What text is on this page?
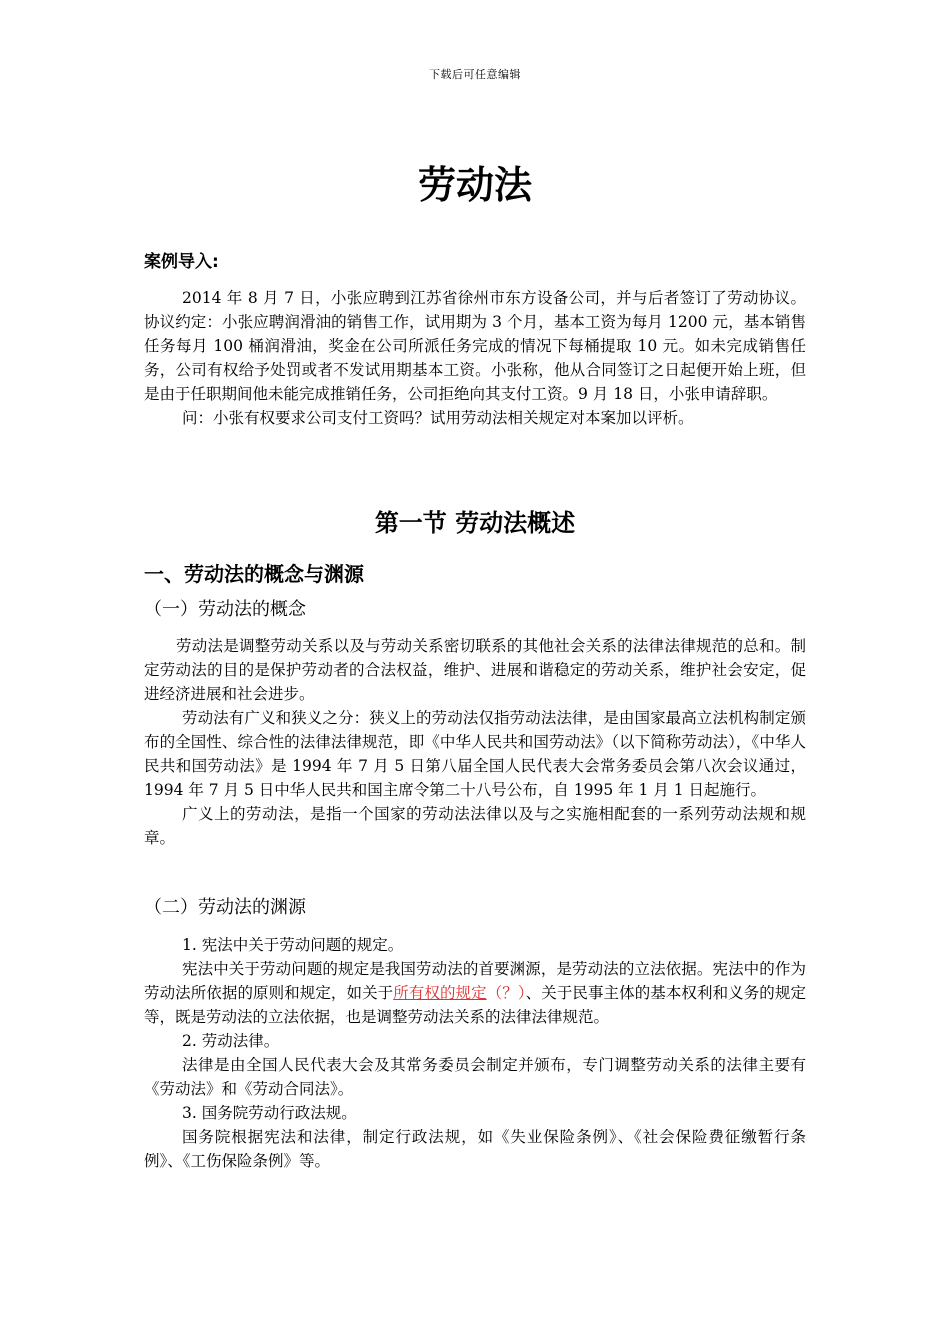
下载后可任意编辑
劳动法
案例导入:

2014 年 8 月 7 日，小张应聘到江苏省徐州市东方设备公司，并与后者签订了劳动协议。协议约定：小张应聘润滑油的销售工作，试用期为 3 个月，基本工资为每月 1200 元，基本销售任务每月 100 桶润滑油，奖金在公司所派任务完成的情况下每桶提取 10 元。如未完成销售任务，公司有权给予处罚或者不发试用期基本工资。小张称，他从合同签订之日起便开始上班，但是由于任职期间他未能完成推销任务，公司拒绝向其支付工资。9 月 18 日，小张申请辞职。

问：小张有权要求公司支付工资吗？试用劳动法相关规定对本案加以评析。

第一节 劳动法概述
一、劳动法的概念与渊源
（一）劳动法的概念

劳动法是调整劳动关系以及与劳动关系密切联系的其他社会关系的法律法律规范的总和。制定劳动法的目的是保护劳动者的合法权益，维护、进展和谐稳定的劳动关系，维护社会安定，促进经济进展和社会进步。

劳动法有广义和狭义之分：狭义上的劳动法仅指劳动法法律，是由国家最高立法机构制定颁布的全国性、综合性的法律法律规范，即《中华人民共和国劳动法》（以下简称劳动法），《中华人民共和国劳动法》是 1994 年 7 月 5 日第八届全国人民代表大会常务委员会第八次会议通过，1994 年 7 月 5 日中华人民共和国主席令第二十八号公布，自 1995 年 1 月 1 日起施行。

广义上的劳动法，是指一个国家的劳动法法律以及与之实施相配套的一系列劳动法规和规章。

（二）劳动法的渊源

1. 宪法中关于劳动问题的规定。

宪法中关于劳动问题的规定是我国劳动法的首要渊源，是劳动法的立法依据。宪法中的作为劳动法所依据的原则和规定，如关于所有权的规定（？）、关于民事主体的基本权利和义务的规定等，既是劳动法的立法依据，也是调整劳动法关系的法律法律规范。

2. 劳动法律。

法律是由全国人民代表大会及其常务委员会制定并颁布，专门调整劳动关系的法律主要有《劳动法》和《劳动合同法》。

3. 国务院劳动行政法规。

国务院根据宪法和法律，制定行政法规，如《失业保险条例》、《社会保险费征缴暂行条例》、《工伤保险条例》等。
